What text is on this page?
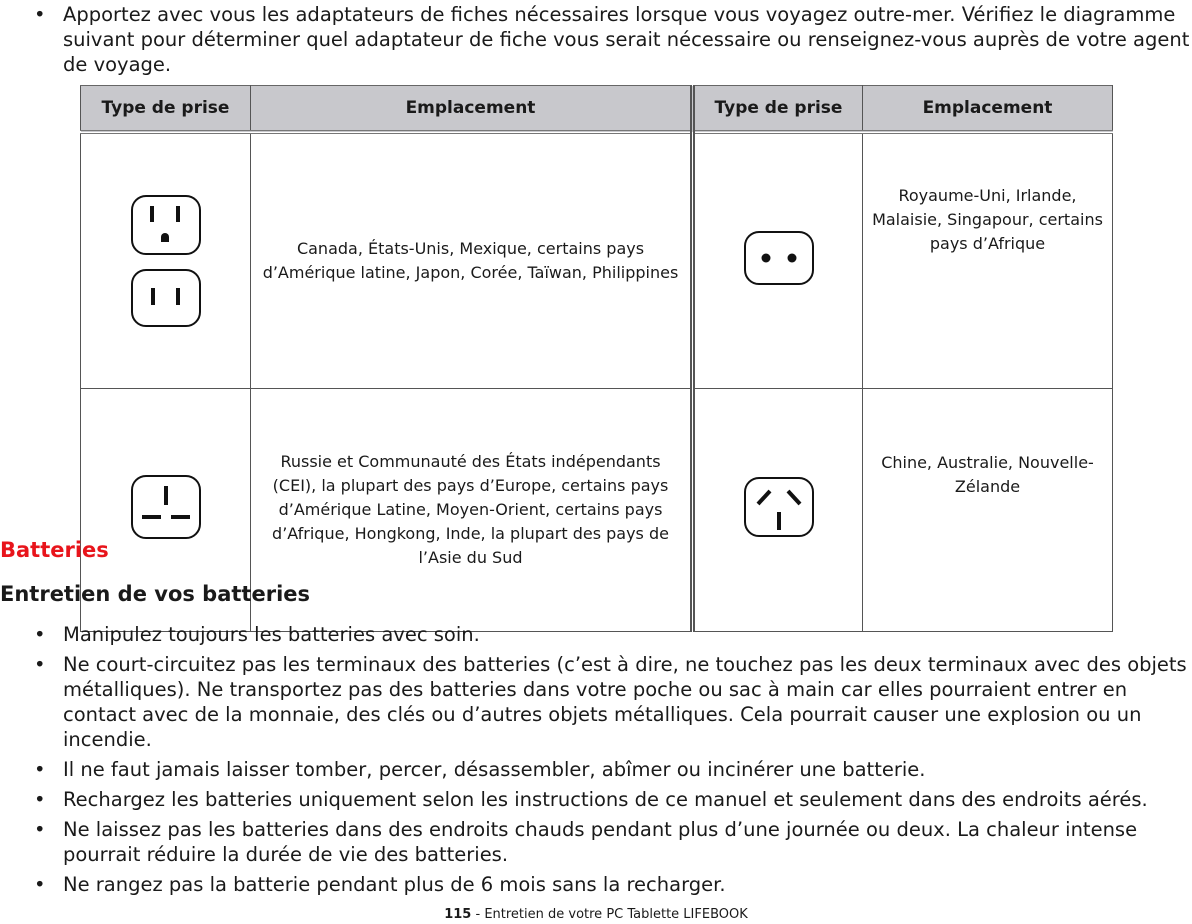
• Apportez avec vous les adaptateurs de fiches nécessaires lorsque vous voyagez outre-mer. Vérifiez le diagramme suivant pour déterminer quel adaptateur de fiche vous serait nécessaire ou renseignez-vous auprès de votre agent de voyage.
Type de prise	Emplacement	Type de prise	Emplacement

	Canada, États-Unis, Mexique, certains pays d’Amérique latine, Japon, Corée, Taïwan, Philippines		Royaume-Uni, Irlande, Malaisie, Singapour, certains pays d’Afrique
	Russie et Communauté des États indépendants (CEI), la plupart des pays d’Europe, certains pays d’Amérique Latine, Moyen-Orient, certains pays d’Afrique, Hongkong, Inde, la plupart des pays de l’Asie du Sud		Chine, Australie, Nouvelle-Zélande
Batteries
Entretien de vos batteries
• Manipulez toujours les batteries avec soin.
• Ne court-circuitez pas les terminaux des batteries (c’est à dire, ne touchez pas les deux terminaux avec des objets métalliques). Ne transportez pas des batteries dans votre poche ou sac à main car elles pourraient entrer en contact avec de la monnaie, des clés ou d’autres objets métalliques. Cela pourrait causer une explosion ou un incendie.
• Il ne faut jamais laisser tomber, percer, désassembler, abîmer ou incinérer une batterie.
• Rechargez les batteries uniquement selon les instructions de ce manuel et seulement dans des endroits aérés.
• Ne laissez pas les batteries dans des endroits chauds pendant plus d’une journée ou deux. La chaleur intense pourrait réduire la durée de vie des batteries.
• Ne rangez pas la batterie pendant plus de 6 mois sans la recharger.
115 - Entretien de votre PC Tablette LIFEBOOK
